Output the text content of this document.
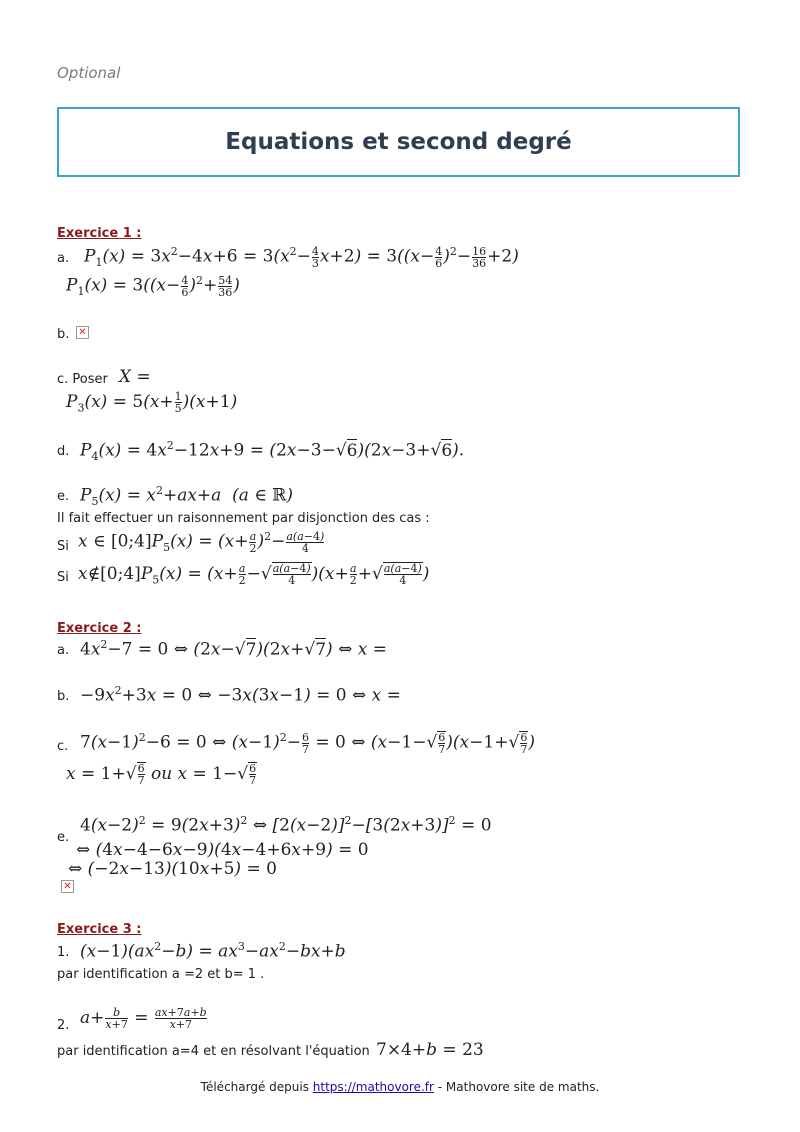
Optional
Equations et second degré
Exercice 1 :
a. $P_1(x) = 3x^2-4x+6 = 3(x^2- \frac{4}{3} x+2) = 3((x- \frac{4}{6} )^2- \frac{16}{36} +2)$
$P_1(x) = 3((x- \frac{4}{6} )^2+ \frac{54}{36}$ )
b. ✕
c. Poser X =
$P_3(x) = 5(x+ \frac{1}{5} )(x+1)$
d. $P_4(x) = 4x^2-12x+9 = (2x-3-√6)(2x-3+√6)$.
e. $P_5(x) = x^2+ax+a$  (a ∈ ℝ)
Il fait effectuer un raisonnement par disjonction des cas :
Si x ∈ $[0;4]P_5(x) = (x+ \frac{a}{2} )^2- \frac{a(a-4)}{4}$
Si $x\notin[0;4]P_5(x) = (x+ \frac{a}{2}$ −√ $\frac{a(a-4)}{4} )(x+ \frac{a}{2}$ +√ $\frac{a(a-4)}{4}$ )
Exercice 2 :
a. $4x^2-7 = 0$ ⇔ (2x−√7)(2x+√7) ⇔ x =
b. $-9x^2+3x = 0$ ⇔ −3x(3x−1) = 0 ⇔ x =
c. $7(x-1)^2-6 = 0$ ⇔ $(x-1)^2- \frac{6}{7} = 0$ ⇔ $(x-1-√ \frac{6}{7} )(x-1+√ \frac{6}{7}$ )
$x = 1+√ \frac{6}{7}$ ou $x = 1-√ \frac{6}{7}$
e.
$4(x-2)^2 = 9(2x+3)^2$ ⇔ $[2(x-2)]^2-[3(2x+3)]^2 = 0$
⇔ (4x−4−6x−9)(4x−4+6x+9) = 0
⇔ (−2x−13)(10x+5) = 0
✕
Exercice 3 :
1. $(x-1)(ax^2-b) = ax^3-ax^2-bx+b$
par identification a =2 et b= 1 .
2. $a+ \frac{b}{x+7} = \frac{ax+7a+b}{x+7}$
par identification a=4 et en résolvant l'équation 7×4+b = 23
Téléchargé depuis https://mathovore.fr - Mathovore site de maths.
